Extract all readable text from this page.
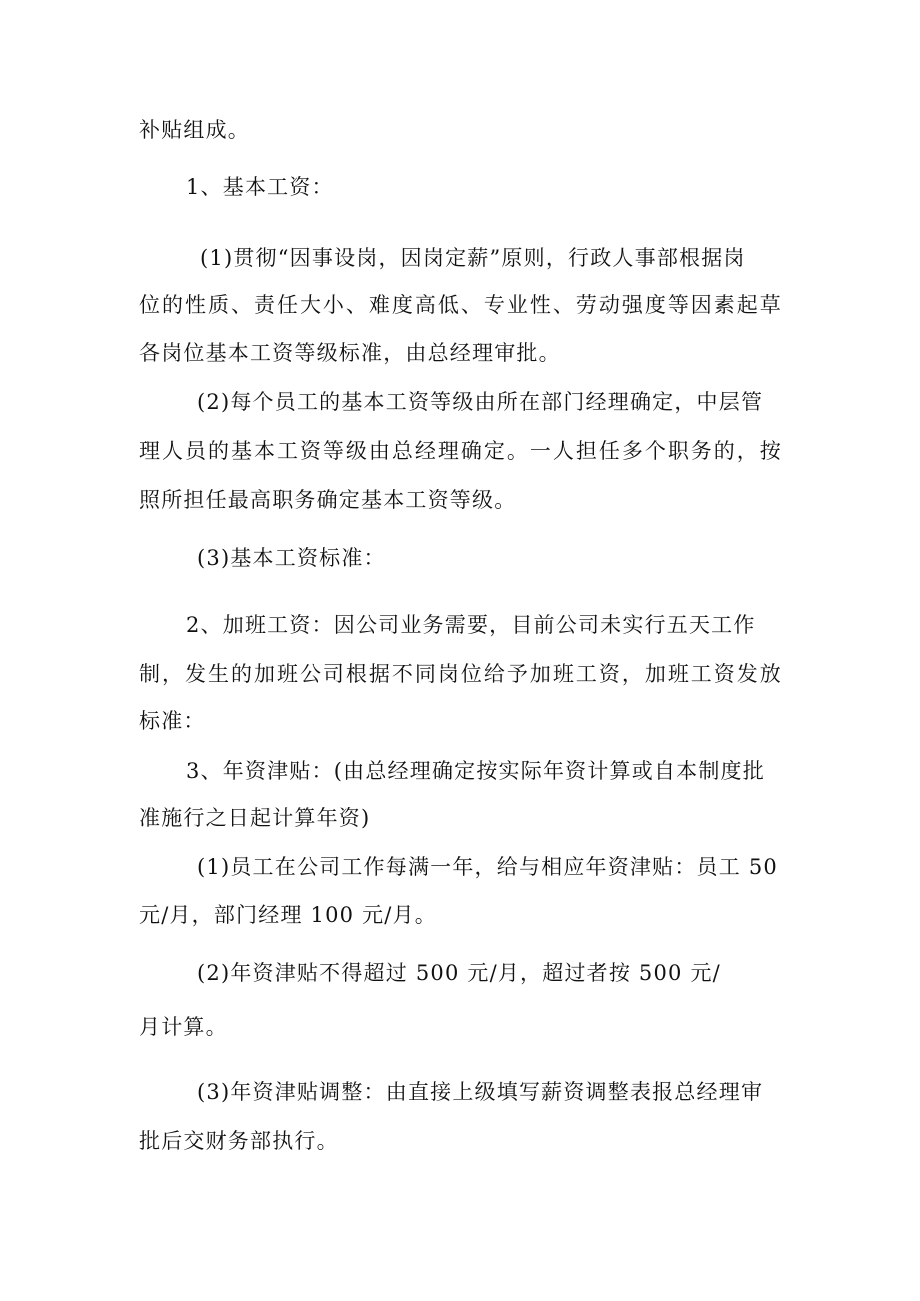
补贴组成。
1、基本工资：
(1)贯彻“因事设岗，因岗定薪”原则，行政人事部根据岗
位的性质、责任大小、难度高低、专业性、劳动强度等因素起草
各岗位基本工资等级标准，由总经理审批。
(2)每个员工的基本工资等级由所在部门经理确定，中层管
理人员的基本工资等级由总经理确定。一人担任多个职务的，按
照所担任最高职务确定基本工资等级。
(3)基本工资标准：
2、加班工资：因公司业务需要，目前公司未实行五天工作
制，发生的加班公司根据不同岗位给予加班工资，加班工资发放
标准：
3、年资津贴：(由总经理确定按实际年资计算或自本制度批
准施行之日起计算年资)
(1)员工在公司工作每满一年，给与相应年资津贴：员工 50
元/月，部门经理 100 元/月。
(2)年资津贴不得超过 500 元/月，超过者按 500 元/
月计算。
(3)年资津贴调整：由直接上级填写薪资调整表报总经理审
批后交财务部执行。
